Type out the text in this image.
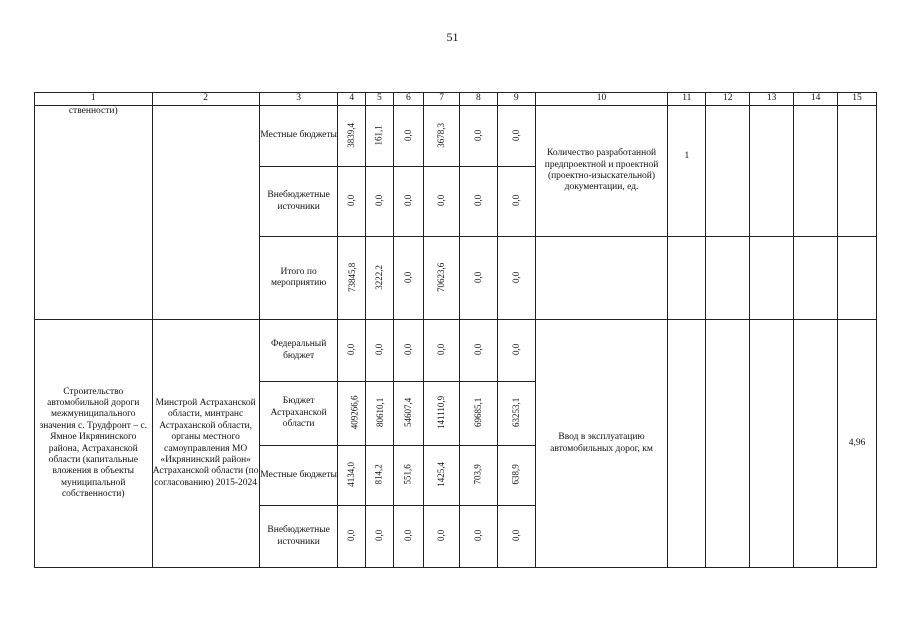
51
1	2	3	4	5	6	7	8	9	10	11	12	13	14	15
ственности)		Местные бюджеты	3839,4	161,1	0,0	3678,3	0,0	0,0	Количество разработанной предпроектной и проектной (проектно-изыскательной) документации, ед.	1				
		Внебюджетные источники	0,0	0,0	0,0	0,0	0,0	0,0						
		Итого по мероприятию	73845,8	3222,2	0,0	70623,6	0,0	0,0						
Строительство автомобильной дороги межмуниципального значения с. Трудфронт – с. Ямное Икрянинского района, Астраханской области (капитальные вложения в объекты муниципальной собственности)	Минстрой Астраханской области, минтранс Астраханской области, органы местного самоуправления МО «Икрянинский район» Астраханской области (по согласованию) 2015-2024	Федеральный бюджет	0,0	0,0	0,0	0,0	0,0	0,0	Ввод в эксплуатацию автомобильных дорог, км					4,96
		Бюджет Астраханской области	409266,6	80610,1	54607,4	141110,9	69685,1	63253,1						
		Местные бюджеты	4134,0	814,2	551,6	1425,4	703,9	638,9						
		Внебюджетные источники	0,0	0,0	0,0	0,0	0,0	0,0						
